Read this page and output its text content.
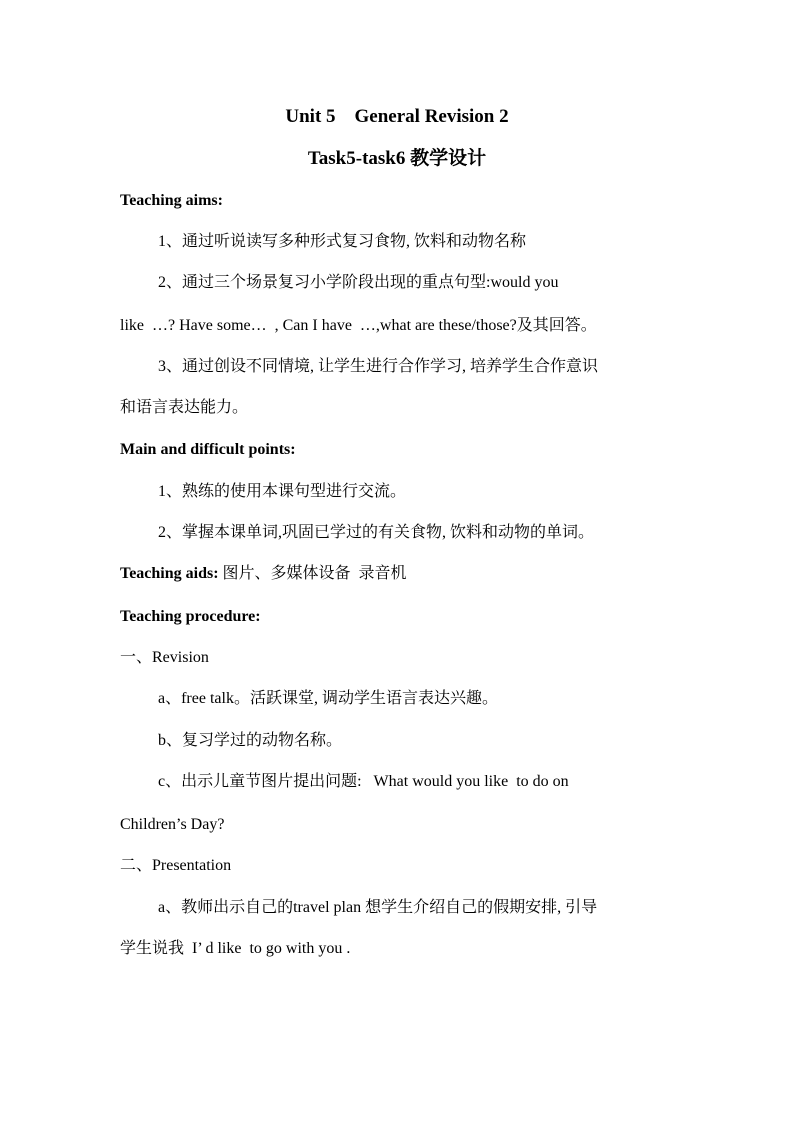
Unit 5    General Revision 2
Task5-task6 教学设计
Teaching aims:
1、通过听说读写多种形式复习食物, 饮料和动物名称
2、通过三个场景复习小学阶段出现的重点句型:would you
like  …? Have some…  , Can I have  …,what are these/those?及其回答。
3、通过创设不同情境, 让学生进行合作学习, 培养学生合作意识
和语言表达能力。
Main and difficult points:
1、熟练的使用本课句型进行交流。
2、掌握本课单词,巩固已学过的有关食物, 饮料和动物的单词。
Teaching aids: 图片、多媒体设备  录音机
Teaching procedure:
一、Revision
a、free talk。活跃课堂, 调动学生语言表达兴趣。
b、复习学过的动物名称。
c、出示儿童节图片提出问题:   What would you like  to do on
Children’s Day?
二、Presentation
a、教师出示自己的travel plan 想学生介绍自己的假期安排, 引导
学生说我  I’ d like  to go with you .
